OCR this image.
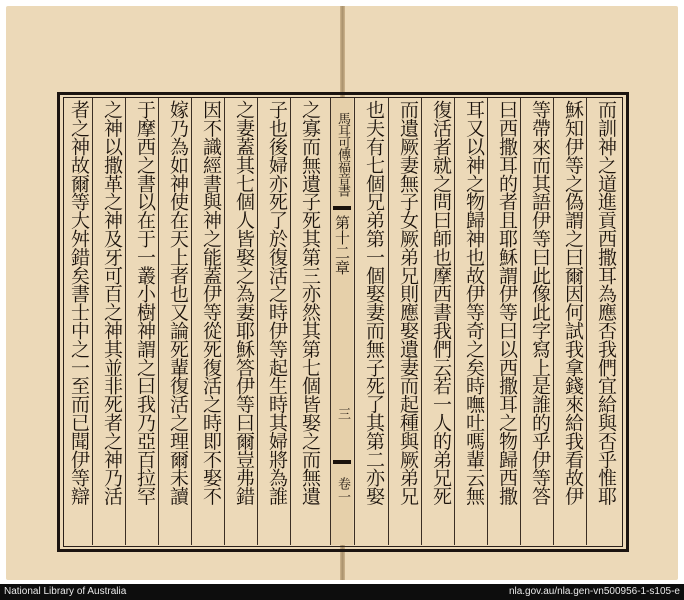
馬耳可傳福音書
第十二章
三
卷一	而訓神之道進貢西撒耳為應否我們宜給與否乎惟耶
穌知伊等之偽謂之曰爾因何試我拿錢來給我看故伊
等帶來而其語伊等曰此像此字寫上是誰的乎伊等答
曰西撒耳的者且耶穌謂伊等曰以西撒耳之物歸西撒
耳又以神之物歸神也故伊等奇之矣時嘸吐嗎輩云無
復活者就之問曰師也摩西書我們云若一人的弟兄死
而遺厥妻無子女厥弟兄則應娶遺妻而起種與厥弟兄
也夫有七個兄弟第一個娶妻而無子死了其第二亦娶
之寡而無遺子死其第三亦然其第七個皆娶之而無遺
子也後婦亦死了於復活之時伊等起生時其婦將為誰
之妻蓋其七個人皆娶之為妻耶穌答伊等曰爾豈弗錯
因不識經書與神之能蓋伊等從死復活之時即不娶不
嫁乃為如神使在天上者也又論死輩復活之理爾未讀
于摩西之書以在于一叢小樹神謂之曰我乃亞百拉罕
之神以撒革之神及牙可百之神其並非死者之神乃活
者之神故爾等大舛錯矣書士中之一至而已聞伊等辯
National Library of Australia	nla.gov.au/nla.gen-vn500956-1-s105-e
